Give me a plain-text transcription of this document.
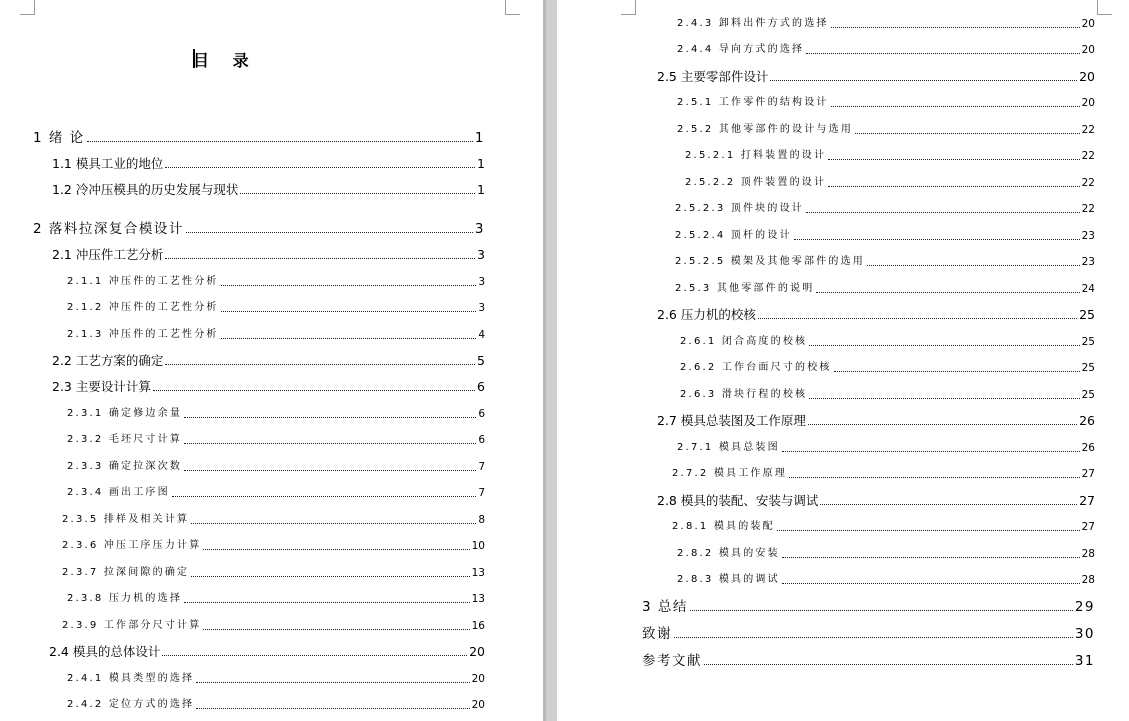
目 录
1 绪 论	1
1.1 模具工业的地位	1
1.2 冷冲压模具的历史发展与现状	1
2 落料拉深复合模设计	3
2.1 冲压件工艺分析	3
2.1.1 冲压件的工艺性分析	3
2.1.2 冲压件的工艺性分析	3
2.1.3 冲压件的工艺性分析	4
2.2 工艺方案的确定	5
2.3 主要设计计算	6
2.3.1 确定修边余量	6
2.3.2 毛坯尺寸计算	6
2.3.3 确定拉深次数	7
2.3.4 画出工序图	7
2.3.5 排样及相关计算	8
2.3.6 冲压工序压力计算	10
2.3.7 拉深间隙的确定	13
2.3.8 压力机的选择	13
2.3.9 工作部分尺寸计算	16
2.4 模具的总体设计	20
2.4.1 模具类型的选择	20
2.4.2 定位方式的选择	20
2.4.3 卸料出件方式的选择	20
2.4.4 导向方式的选择	20
2.5 主要零部件设计	20
2.5.1 工作零件的结构设计	20
2.5.2 其他零部件的设计与选用	22
2.5.2.1 打料装置的设计	22
2.5.2.2 顶件装置的设计	22
2.5.2.3 顶件块的设计	22
2.5.2.4 顶杆的设计	23
2.5.2.5 模架及其他零部件的选用	23
2.5.3 其他零部件的说明	24
2.6 压力机的校核	25
2.6.1 闭合高度的校核	25
2.6.2 工作台面尺寸的校核	25
2.6.3 滑块行程的校核	25
2.7 模具总装图及工作原理	26
2.7.1 模具总装图	26
2.7.2 模具工作原理	27
2.8 模具的装配、安装与调试	27
2.8.1 模具的装配	27
2.8.2 模具的安装	28
2.8.3 模具的调试	28
3 总结	29
致谢	30
参考文献	31
